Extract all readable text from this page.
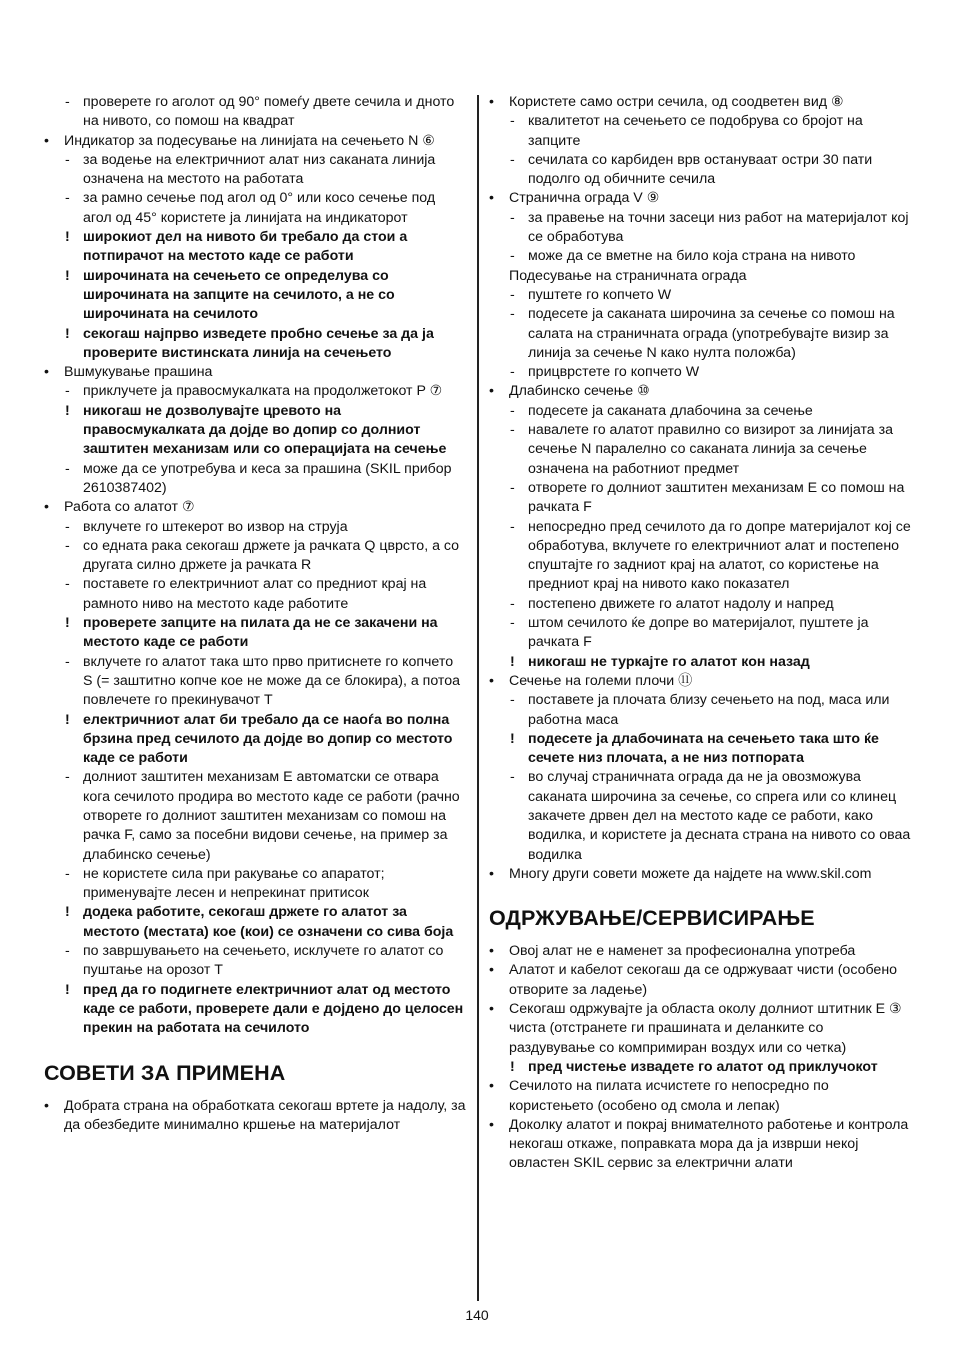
- проверете го аголот од 90° помеѓу двете сечила и дното на нивото, со помош на квадрат
• Индикатор за подесување на линијата на сечењето N ⑥
- за водење на електричниот алат низ саканата линија означена на местото на работата
- за рамно сечење под агол од 0° или косо сечење под агол од 45° користете ја линијата на индикаторот
! широкиот дел на нивото би требало да стои а потпирачот на местото каде се работи
! широчината на сечењето се определува со широчината на запците на сечилото, а не со широчината на сечилото
! секогаш најпрво изведете пробно сечење за да ја проверите вистинската линија на сечењето
• Вшмукување прашина
- приклучете ја правосмукалката на продолжетокот P ⑦
! никогаш не дозволувајте цревото на правосмукалката да дојде во допир со долниот заштитен механизам или со операцијата на сечење
- може да се употребува и кеса за прашина (SKIL прибор 2610387402)
• Работа со алатот ⑦
- вклучете го штекерот во извор на струја
- со едната рака секогаш држете ја рачката Q цврсто, а со другата силно држете ја рачката R
- поставете го електричниот алат со предниот крај на рамното ниво на местото каде работите
! проверете запците на пилата да не се закачени на местото каде се работи
- вклучете го алатот така што прво притиснете го копчето S (= заштитно копче кое не може да се блокира), а потоа повлечете го прекинувачот T
! електричниот алат би требало да се наоѓа во полна брзина пред сечилото да дојде во допир со местото каде се работи
- долниот заштитен механизам E автоматски се отвара кога сечилото продира во местото каде се работи (рачно отворете го долниот заштитен механизам со помош на рачка F, само за посебни видови сечење, на пример за длабинско сечење)
- не користете сила при ракување со апаратот; применувајте лесен и непрекинат притисок
! додека работите, секогаш држете го алатот за местото (местата) кое (кои) се означени со сива боја
- по завршувањето на сечењето, исклучете го алатот со пуштање на орозот T
! пред да го подигнете електричниот алат од местото каде се работи, проверете дали е дојдено до целосен прекин на работата на сечилото
СОВЕТИ ЗА ПРИМЕНА
• Добрата страна на обработката секогаш вртете ја надолу, за да обезбедите минимално кршење на материјалот
• Користете само остри сечила, од соодветен вид ⑧
- квалитетот на сечењето се подобрува со бројот на запците
- сечилата со карбиден врв остануваат остри 30 пати подолго од обичните сечила
• Странична ограда V ⑨
- за правење на точни засеци низ работ на материјалот кој се обработува
- може да се вметне на било која страна на нивото
Подесување на страничната ограда
- пуштете го копчето W
- подесете ја саканата широчина за сечење со помош на салата на страничната ограда (употребувајте визир за линија за сечење N како нулта положба)
- прицврстете го копчето W
• Длабинско сечење ⑩
- подесете ја саканата длабочина за сечење
- навалете го алатот правилно со визирот за линијата за сечење N паралелно со саканата линија за сечење означена на работниот предмет
- отворете го долниот заштитен механизам E со помош на рачката F
- непосредно пред сечилото да го допре материјалот кој се обработува, вклучете го електричниот алат и постепено спуштајте го задниот крај на алатот, со користење на предниот крај на нивото како показател
- постепено движете го алатот надолу и напред
- штом сечилото ќе допре во материјалот, пуштете ја рачката F
! никогаш не туркајте го алатот кон назад
• Сечење на големи плочи ⑪
- поставете ја плочата близу сечењето на под, маса или работна маса
! подесете ја длабочината на сечењето така што ќе сечете низ плочата, а не низ потпората
- во случај страничната ограда да не ја овозможува саканата широчина за сечење, со спрега или со клинец закачете дрвен дел на местото каде се работи, како водилка, и користете ја десната страна на нивото со оваа водилка
• Многу други совети можете да најдете на www.skil.com
ОДРЖУВАЊЕ/СЕРВИСИРАЊЕ
• Овој алат не е наменет за професионална употреба
• Алатот и кабелот секогаш да се одржуваат чисти (особено отворите за ладење)
• Секогаш одржувајте ја областа околу долниот штитник E ③ чиста (отстранете ги прашината и деланките со раздувување со компримиран воздух или со четка)
! пред чистење извадете го алатот од приклучокот
• Сечилото на пилата исчистете го непосредно по користењето (особено од смола и лепак)
• Доколку алатот и покрај внимателното работење и контрола некогаш откаже, поправката мора да ја изврши некој овластен SKIL сервис за електрични алати
140
